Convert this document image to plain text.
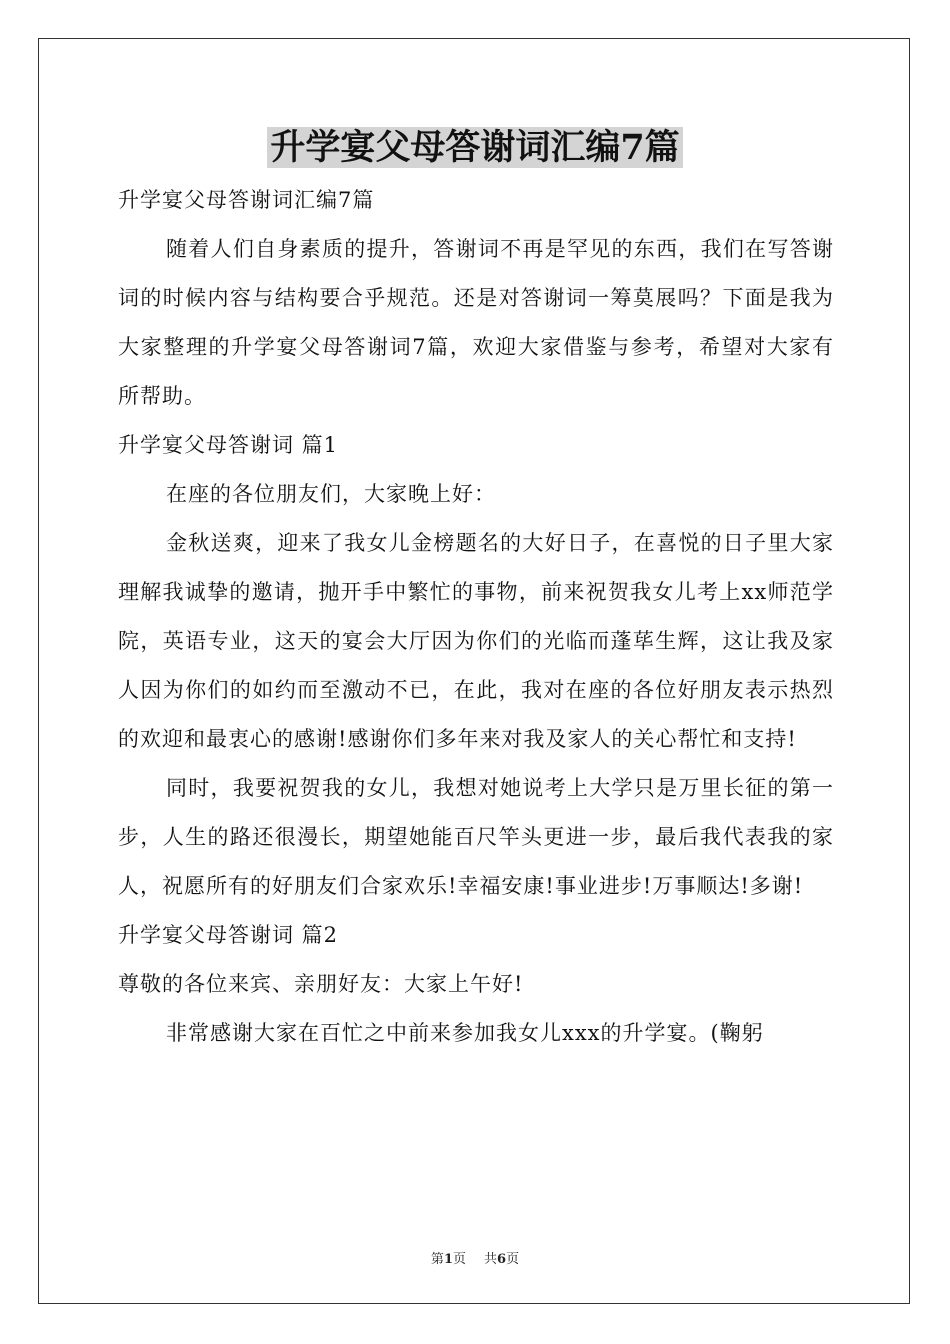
升学宴父母答谢词汇编7篇

升学宴父母答谢词汇编7篇

随着人们自身素质的提升，答谢词不再是罕见的东西，我们在写答谢词的时候内容与结构要合乎规范。还是对答谢词一筹莫展吗？下面是我为大家整理的升学宴父母答谢词7篇，欢迎大家借鉴与参考，希望对大家有所帮助。

升学宴父母答谢词 篇1

在座的各位朋友们，大家晚上好：

金秋送爽，迎来了我女儿金榜题名的大好日子，在喜悦的日子里大家理解我诚挚的邀请，抛开手中繁忙的事物，前来祝贺我女儿考上xx师范学院，英语专业，这天的宴会大厅因为你们的光临而蓬荜生辉，这让我及家人因为你们的如约而至激动不已，在此，我对在座的各位好朋友表示热烈的欢迎和最衷心的感谢!感谢你们多年来对我及家人的关心帮忙和支持!

同时，我要祝贺我的女儿，我想对她说考上大学只是万里长征的第一步，人生的路还很漫长，期望她能百尺竿头更进一步，最后我代表我的家人，祝愿所有的好朋友们合家欢乐!幸福安康!事业进步!万事顺达!多谢!

升学宴父母答谢词 篇2

尊敬的各位来宾、亲朋好友：大家上午好!

非常感谢大家在百忙之中前来参加我女儿xxx的升学宴。(鞠躬

第1页 共6页
